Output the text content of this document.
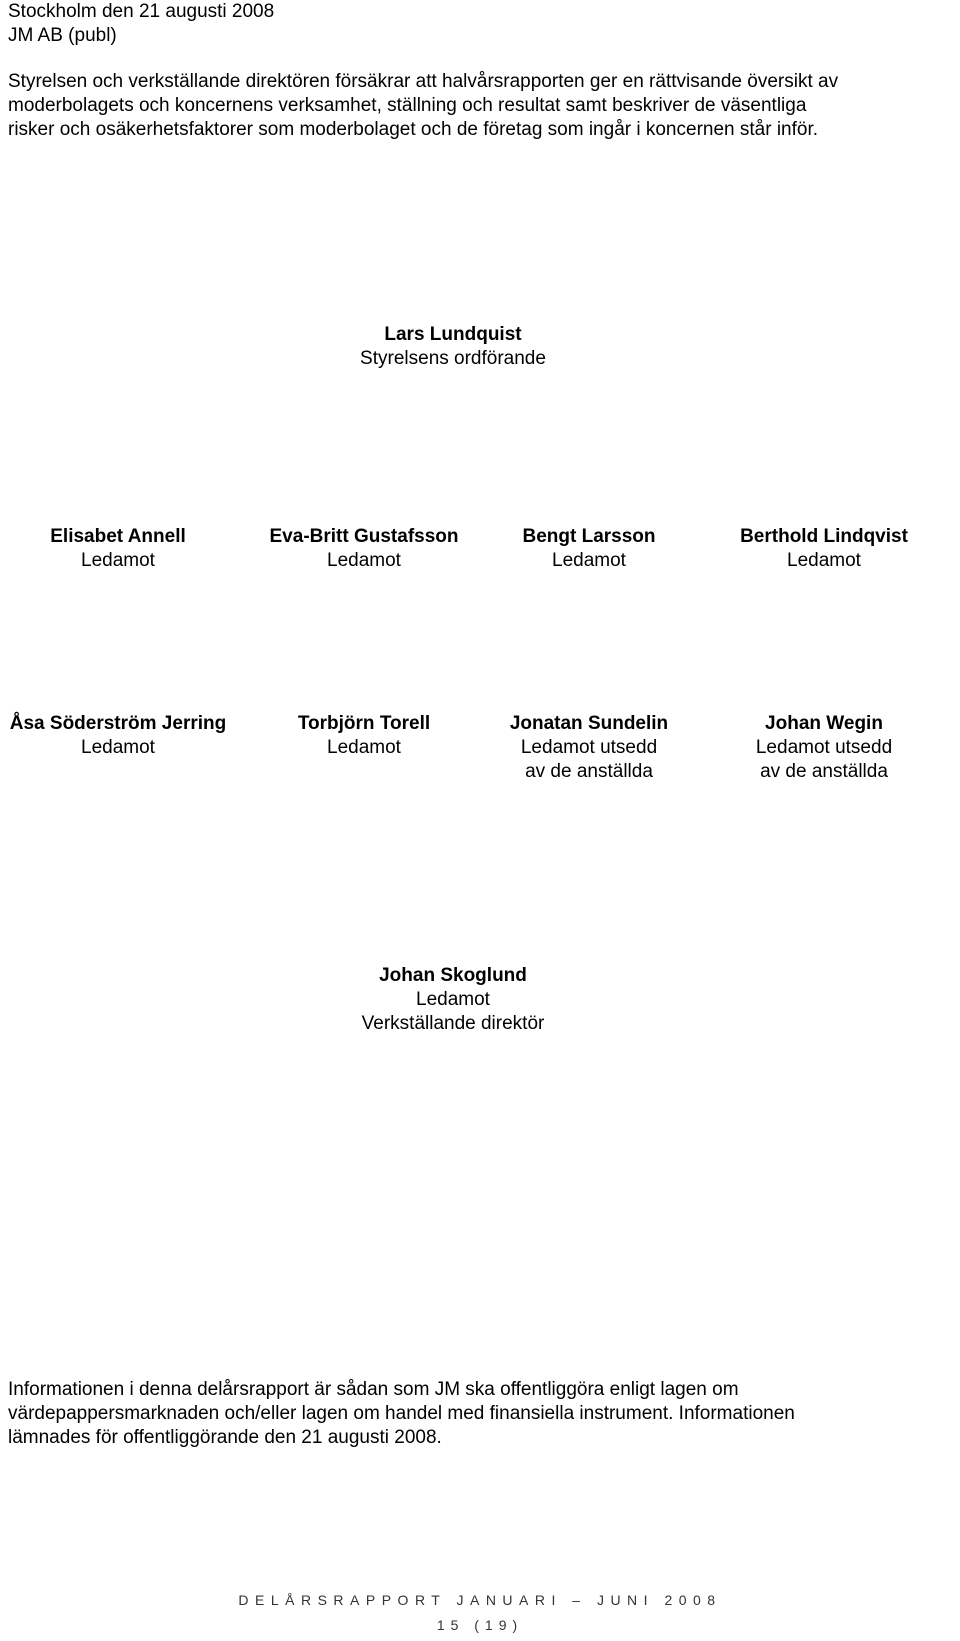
Stockholm den 21 augusti 2008
JM AB (publ)
Styrelsen och verkställande direktören försäkrar att halvårsrapporten ger en rättvisande översikt av
moderbolagets och koncernens verksamhet, ställning och resultat samt beskriver de väsentliga
risker och osäkerhetsfaktorer som moderbolaget och de företag som ingår i koncernen står inför.
Lars Lundquist
Styrelsens ordförande
Elisabet Annell
Ledamot
Eva-Britt Gustafsson
Ledamot
Bengt Larsson
Ledamot
Berthold Lindqvist
Ledamot
Åsa Söderström Jerring
Ledamot
Torbjörn Torell
Ledamot
Jonatan Sundelin
Ledamot utsedd
av de anställda
Johan Wegin
Ledamot utsedd
av de anställda
Johan Skoglund
Ledamot
Verkställande direktör
Informationen i denna delårsrapport är sådan som JM ska offentliggöra enligt lagen om
värdepappersmarknaden och/eller lagen om handel med finansiella instrument. Informationen
lämnades för offentliggörande den 21 augusti 2008.
DELÅRSRAPPORT JANUARI – JUNI 2008
15 (19)
